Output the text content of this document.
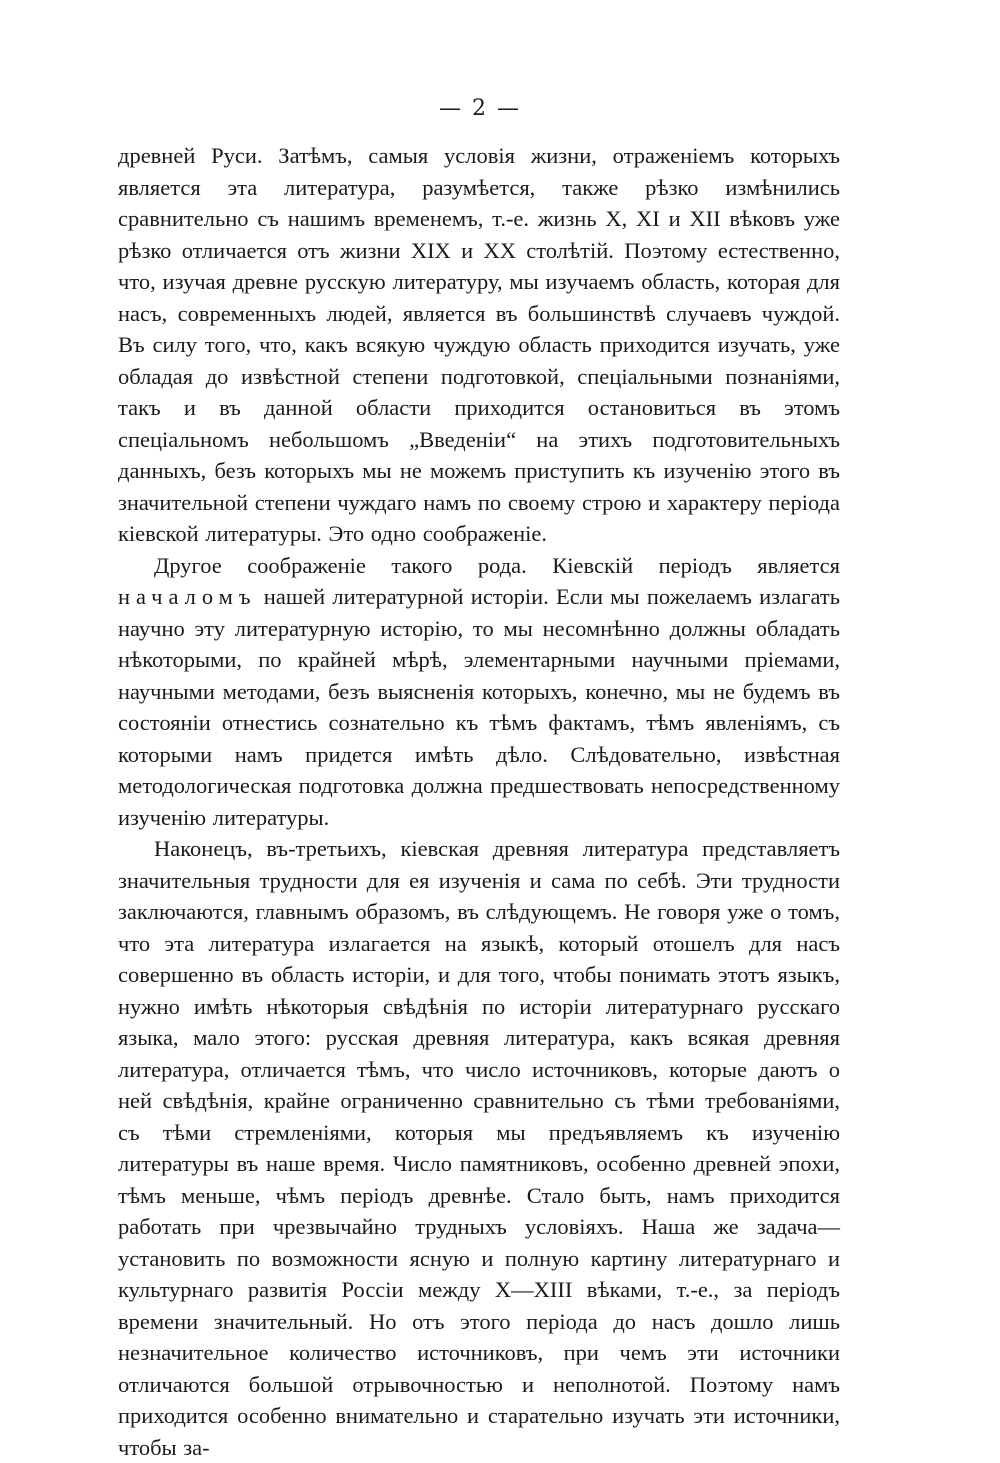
— 2 —

древней Руси. Затѣмъ, самыя условія жизни, отраженіемъ которыхъ является эта литература, разумѣется, также рѣзко измѣнились сравнительно съ нашимъ временемъ, т.-е. жизнь X, XI и XII вѣковъ уже рѣзко отличается отъ жизни XIX и XX столѣтій. Поэтому естественно, что, изучая древне русскую литературу, мы изучаемъ область, которая для насъ, современныхъ людей, является въ большинствѣ случаевъ чуждой. Въ силу того, что, какъ всякую чуждую область приходится изучать, уже обладая до извѣстной степени подготовкой, спеціальными познаніями, такъ и въ данной области приходится остановиться въ этомъ спеціальномъ небольшомъ „Введеніи“ на этихъ подготовительныхъ данныхъ, безъ которыхъ мы не можемъ приступить къ изученію этого въ значительной степени чуждаго намъ по своему строю и характеру періода кіевской литературы. Это одно соображеніе.

Другое соображеніе такого рода. Кіевскій періодъ является началомъ нашей литературной исторіи. Если мы пожелаемъ излагать научно эту литературную исторію, то мы несомнѣнно должны обладать нѣкоторыми, по крайней мѣрѣ, элементарными научными пріемами, научными методами, безъ выясненія которыхъ, конечно, мы не будемъ въ состояніи отнестись сознательно къ тѣмъ фактамъ, тѣмъ явленіямъ, съ которыми намъ придется имѣть дѣло. Слѣдовательно, извѣстная методологическая подготовка должна предшествовать непосредственному изученію литературы.

Наконецъ, въ-третьихъ, кіевская древняя литература представляетъ значительныя трудности для ея изученія и сама по себѣ. Эти трудности заключаются, главнымъ образомъ, въ слѣдующемъ. Не говоря уже о томъ, что эта литература излагается на языкѣ, который отошелъ для насъ совершенно въ область исторіи, и для того, чтобы понимать этотъ языкъ, нужно имѣть нѣкоторыя свѣдѣнія по исторіи литературнаго русскаго языка, мало этого: русская древняя литература, какъ всякая древняя литература, отличается тѣмъ, что число источниковъ, которые даютъ о ней свѣдѣнія, крайне ограниченно сравнительно съ тѣми требованіями, съ тѣми стремленіями, которыя мы предъявляемъ къ изученію литературы въ наше время. Число памятниковъ, особенно древней эпохи, тѣмъ меньше, чѣмъ періодъ древнѣе. Стало быть, намъ приходится работать при чрезвычайно трудныхъ условіяхъ. Наша же задача—установить по возможности ясную и полную картину литературнаго и культурнаго развитія Россіи между X—XIII вѣками, т.-е., за періодъ времени значительный. Но отъ этого періода до насъ дошло лишь незначительное количество источниковъ, при чемъ эти источники отличаются большой отрывочностью и неполнотой. Поэтому намъ приходится особенно внимательно и старательно изучать эти источники, чтобы за-
